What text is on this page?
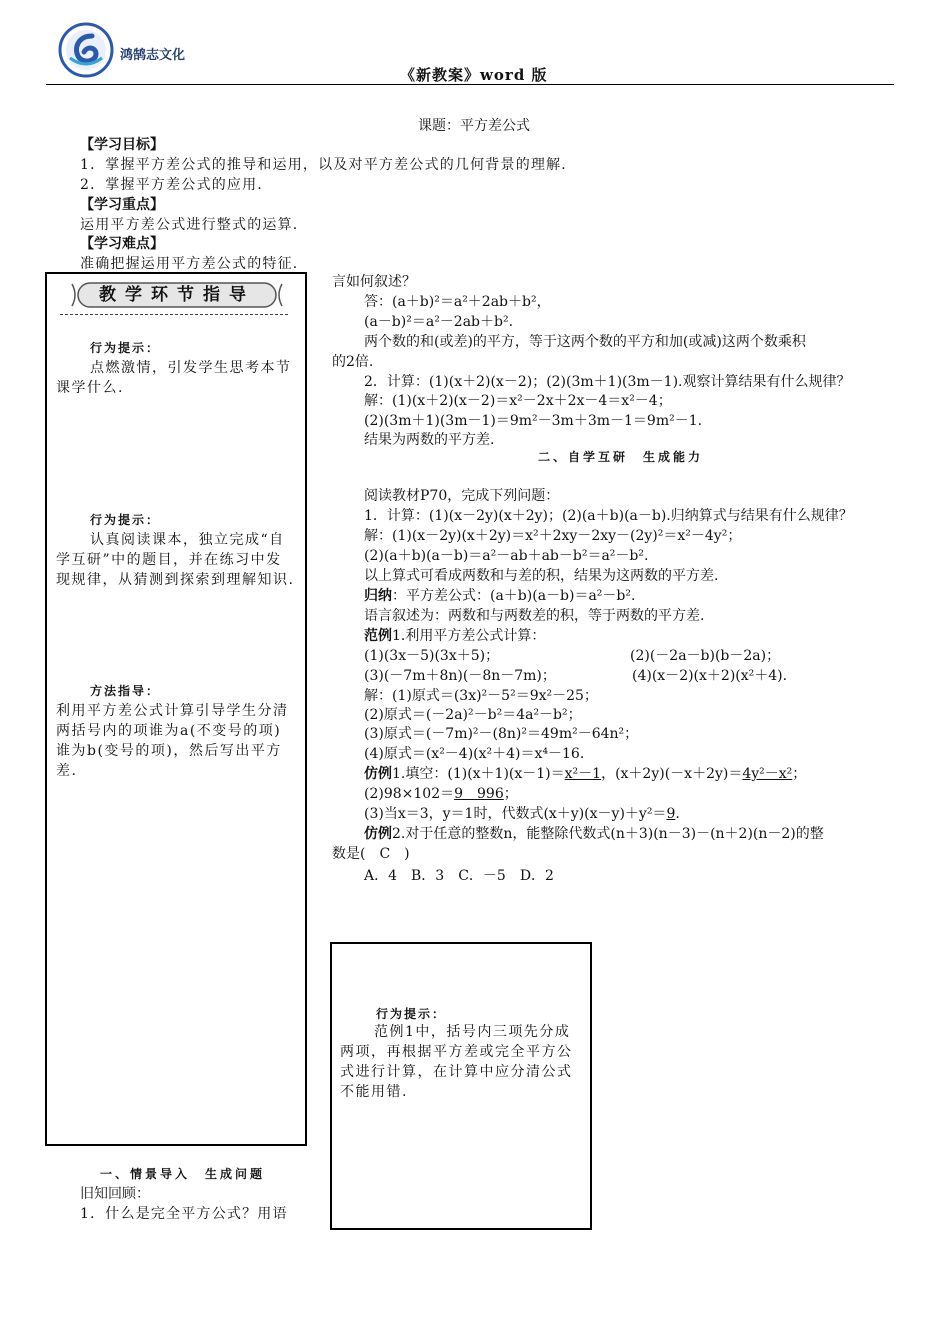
鸿鹄志文化
《新教案》word 版
课题：平方差公式
【学习目标】
1．掌握平方差公式的推导和运用，以及对平方差公式的几何背景的理解.
2．掌握平方差公式的应用.
【学习重点】
运用平方差公式进行整式的运算.
【学习难点】
准确把握运用平方差公式的特征.
教学环节指导
行为提示：
点燃激情，引发学生思考本节课学什么.
行为提示：
认真阅读课本，独立完成“自学互研”中的题目，并在练习中发现规律，从猜测到探索到理解知识.
方法指导：
利用平方差公式计算引导学生分清两括号内的项谁为a(不变号的项)谁为b(变号的项)，然后写出平方差.
一、情景导入　生成问题
旧知回顾：
1．什么是完全平方公式？用语
言如何叙述？
答：(a＋b)²＝a²＋2ab＋b²，
(a－b)²＝a²－2ab＋b².
两个数的和(或差)的平方，等于这两个数的平方和加(或减)这两个数乘积
的2倍.
2．计算：(1)(x＋2)(x－2)；(2)(3m＋1)(3m－1).观察计算结果有什么规律？
解：(1)(x＋2)(x－2)＝x²－2x＋2x－4＝x²－4；
(2)(3m＋1)(3m－1)＝9m²－3m＋3m－1＝9m²－1.
结果为两数的平方差.
二、自学互研　生成能力
阅读教材P70，完成下列问题：
1．计算：(1)(x－2y)(x＋2y)；(2)(a＋b)(a－b).归纳算式与结果有什么规律？
解：(1)(x－2y)(x＋2y)＝x²＋2xy－2xy－(2y)²＝x²－4y²；
(2)(a＋b)(a－b)＝a²－ab＋ab－b²＝a²－b².
以上算式可看成两数和与差的积，结果为这两数的平方差.
归纳：平方差公式：(a＋b)(a－b)＝a²－b².
语言叙述为：两数和与两数差的积，等于两数的平方差.
范例1.利用平方差公式计算：
(1)(3x－5)(3x＋5)；	(2)(－2a－b)(b－2a)；
(3)(－7m＋8n)(－8n－7m)；	(4)(x－2)(x＋2)(x²＋4).
解：(1)原式＝(3x)²－5²＝9x²－25；
(2)原式＝(－2a)²－b²＝4a²－b²；
(3)原式＝(－7m)²－(8n)²＝49m²－64n²；
(4)原式＝(x²－4)(x²＋4)＝x⁴－16.
仿例1.填空：(1)(x＋1)(x－1)＝x²－1，(x＋2y)(－x＋2y)＝4y²－x²；
(2)98×102＝9　996；
(3)当x＝3，y＝1时，代数式(x＋y)(x－y)＋y²＝9.
仿例2.对于任意的整数n，能整除代数式(n＋3)(n－3)－(n＋2)(n－2)的整
数是(　C　)
A．4　B．3　C．－5　D．2
行为提示：
范例1中，括号内三项先分成两项，再根据平方差或完全平方公式进行计算，在计算中应分清公式不能用错.
